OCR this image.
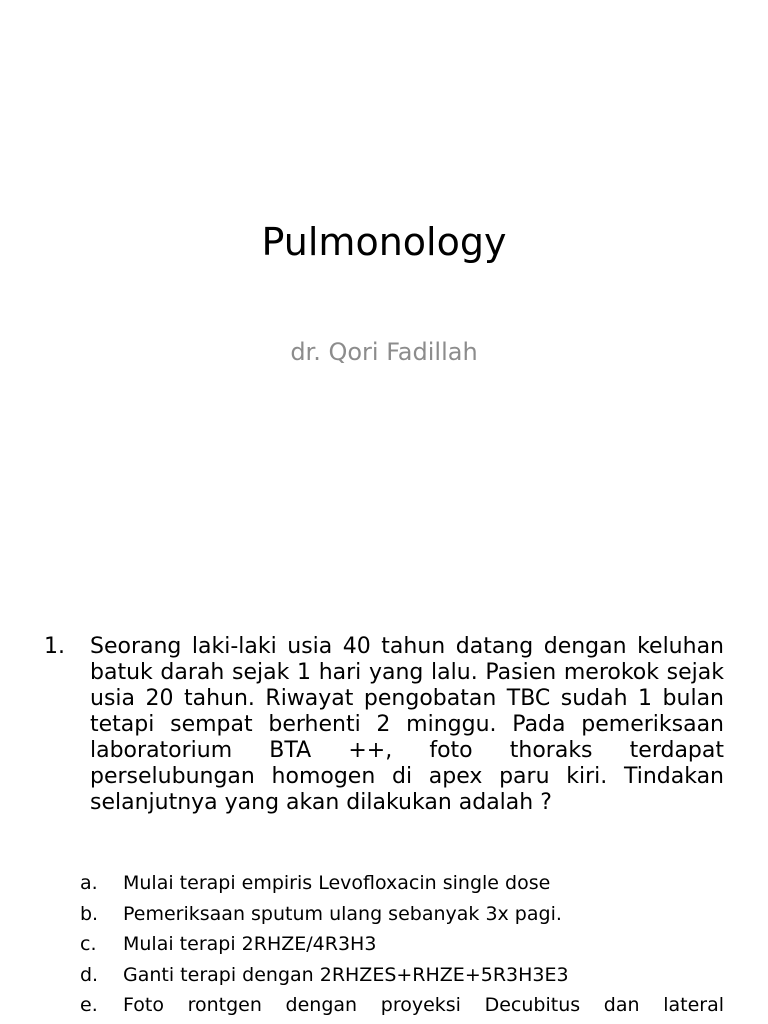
Pulmonology
dr. Qori Fadillah
1.	Seorang laki-laki usia 40 tahun datang dengan keluhan batuk darah sejak 1 hari yang lalu. Pasien merokok sejak usia 20 tahun. Riwayat pengobatan TBC sudah 1 bulan tetapi sempat berhenti 2 minggu. Pada pemeriksaan laboratorium BTA ++, foto thoraks terdapat perselubungan homogen di apex paru kiri. Tindakan selanjutnya yang akan dilakukan adalah ?
a.	Mulai terapi empiris Levofloxacin single dose
b.	Pemeriksaan sputum ulang sebanyak 3x pagi.
c.	Mulai terapi 2RHZE/4R3H3
d.	Ganti terapi dengan 2RHZES+RHZE+5R3H3E3
e.	Foto rontgen dengan proyeksi Decubitus dan lateral
